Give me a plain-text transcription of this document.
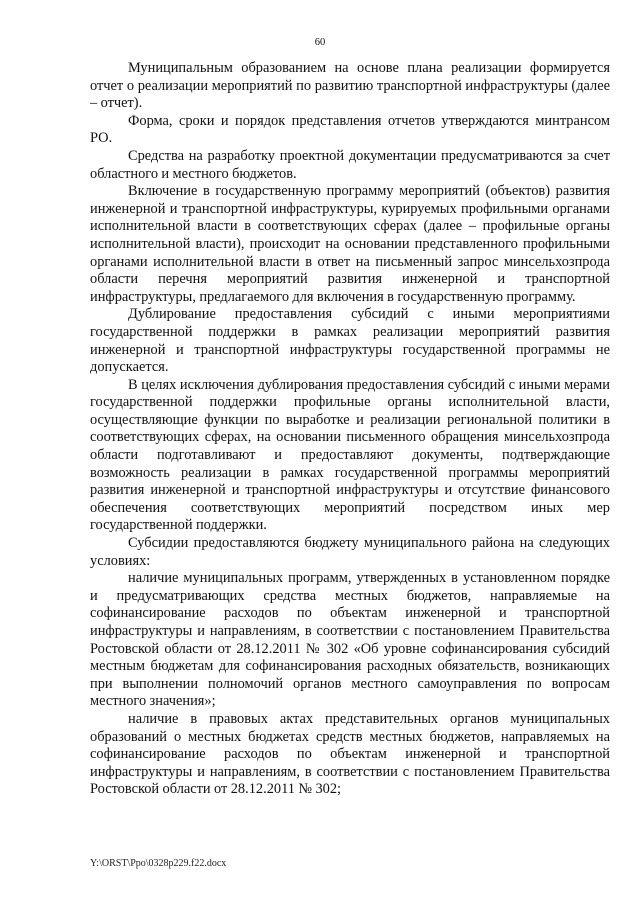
60

Муниципальным образованием на основе плана реализации формируется отчет о реализации мероприятий по развитию транспортной инфраструктуры (далее – отчет).

Форма, сроки и порядок представления отчетов утверждаются минтрансом РО.

Средства на разработку проектной документации предусматриваются за счет областного и местного бюджетов.

Включение в государственную программу мероприятий (объектов) развития инженерной и транспортной инфраструктуры, курируемых профильными органами исполнительной власти в соответствующих сферах (далее – профильные органы исполнительной власти), происходит на основании представленного профильными органами исполнительной власти в ответ на письменный запрос минсельхозпрода области перечня мероприятий развития инженерной и транспортной инфраструктуры, предлагаемого для включения в государственную программу.

Дублирование предоставления субсидий с иными мероприятиями государственной поддержки в рамках реализации мероприятий развития инженерной и транспортной инфраструктуры государственной программы не допускается.

В целях исключения дублирования предоставления субсидий с иными мерами государственной поддержки профильные органы исполнительной власти, осуществляющие функции по выработке и реализации региональной политики в соответствующих сферах, на основании письменного обращения минсельхозпрода области подготавливают и предоставляют документы, подтверждающие возможность реализации в рамках государственной программы мероприятий развития инженерной и транспортной инфраструктуры и отсутствие финансового обеспечения соответствующих мероприятий посредством иных мер государственной поддержки.

Субсидии предоставляются бюджету муниципального района на следующих условиях:

наличие муниципальных программ, утвержденных в установленном порядке и предусматривающих средства местных бюджетов, направляемые на софинансирование расходов по объектам инженерной и транспортной инфраструктуры и направлениям, в соответствии с постановлением Правительства Ростовской области от 28.12.2011 № 302 «Об уровне софинансирования субсидий местным бюджетам для софинансирования расходных обязательств, возникающих при выполнении полномочий органов местного самоуправления по вопросам местного значения»;

наличие в правовых актах представительных органов муниципальных образований о местных бюджетах средств местных бюджетов, направляемых на софинансирование расходов по объектам инженерной и транспортной инфраструктуры и направлениям, в соответствии с постановлением Правительства Ростовской области от 28.12.2011 № 302;

Y:\ORST\Ppo\0328p229.f22.docx
